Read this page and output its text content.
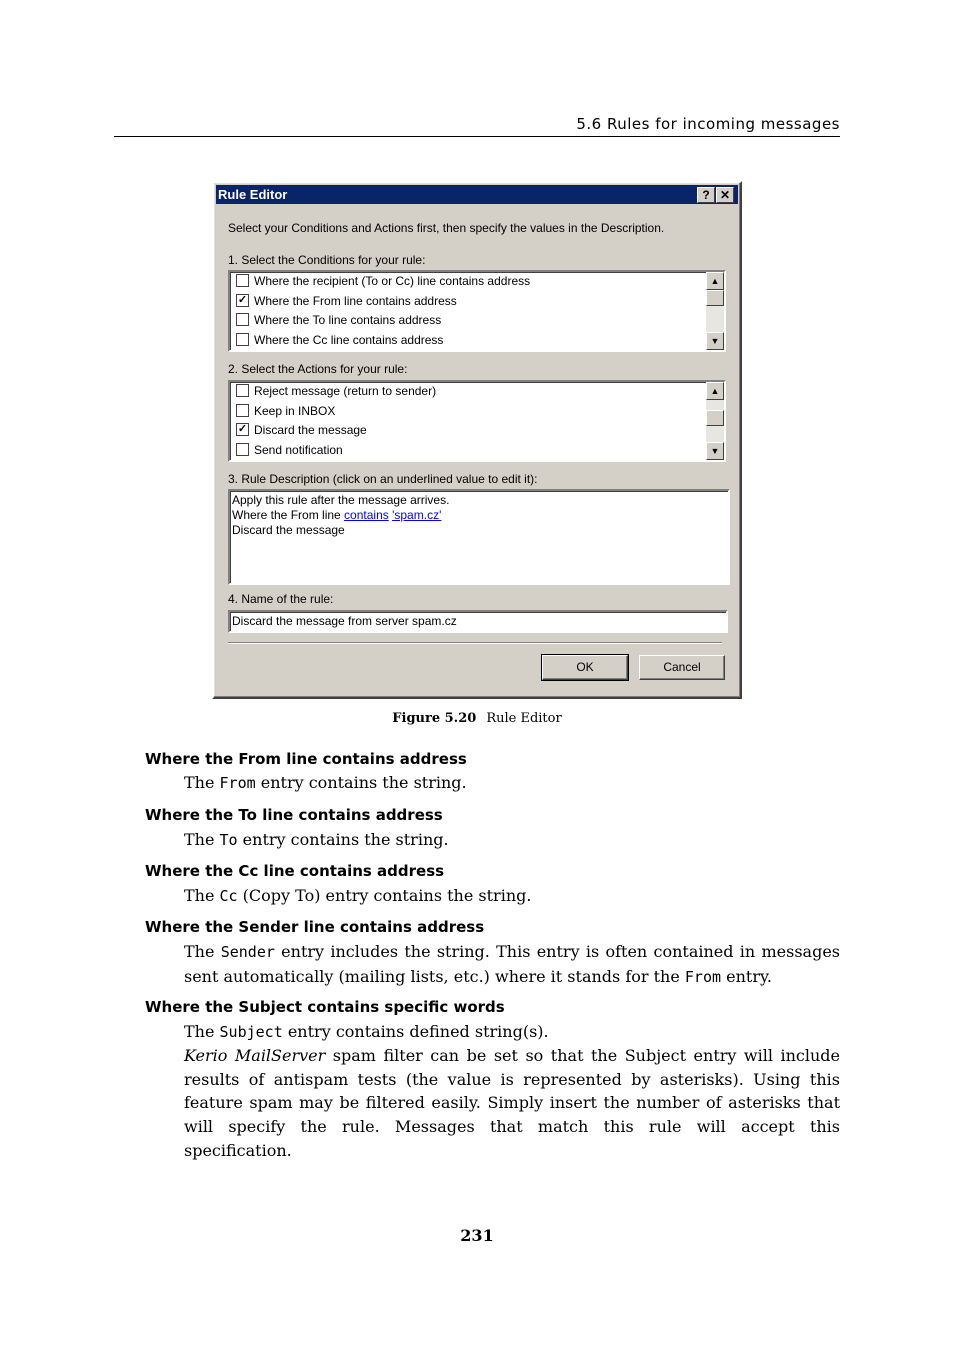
5.6 Rules for incoming messages
Rule Editor	? ✕
Select your Conditions and Actions first, then specify the values in the Description.
1. Select the Conditions for your rule:
Where the recipient (To or Cc) line contains address
✓ Where the From line contains address
Where the To line contains address
Where the Cc line contains address
▲
▼
2. Select the Actions for your rule:
Reject message (return to sender)
Keep in INBOX
✓ Discard the message
Send notification
▲
▼
3. Rule Description (click on an underlined value to edit it):
Apply this rule after the message arrives.
Where the From line contains 'spam.cz'
Discard the message
4. Name of the rule:
Discard the message from server spam.cz
OK	Cancel
Figure 5.20 Rule Editor
Where the From line contains address
The From entry contains the string.
Where the To line contains address
The To entry contains the string.
Where the Cc line contains address
The Cc (Copy To) entry contains the string.
Where the Sender line contains address
The Sender entry includes the string. This entry is often contained in messages sent automatically (mailing lists, etc.) where it stands for the From entry.
Where the Subject contains specific words
The Subject entry contains defined string(s).
Kerio MailServer spam filter can be set so that the Subject entry will include results of antispam tests (the value is represented by asterisks). Using this feature spam may be filtered easily. Simply insert the number of asterisks that will specify the rule. Messages that match this rule will accept this specification.
231
